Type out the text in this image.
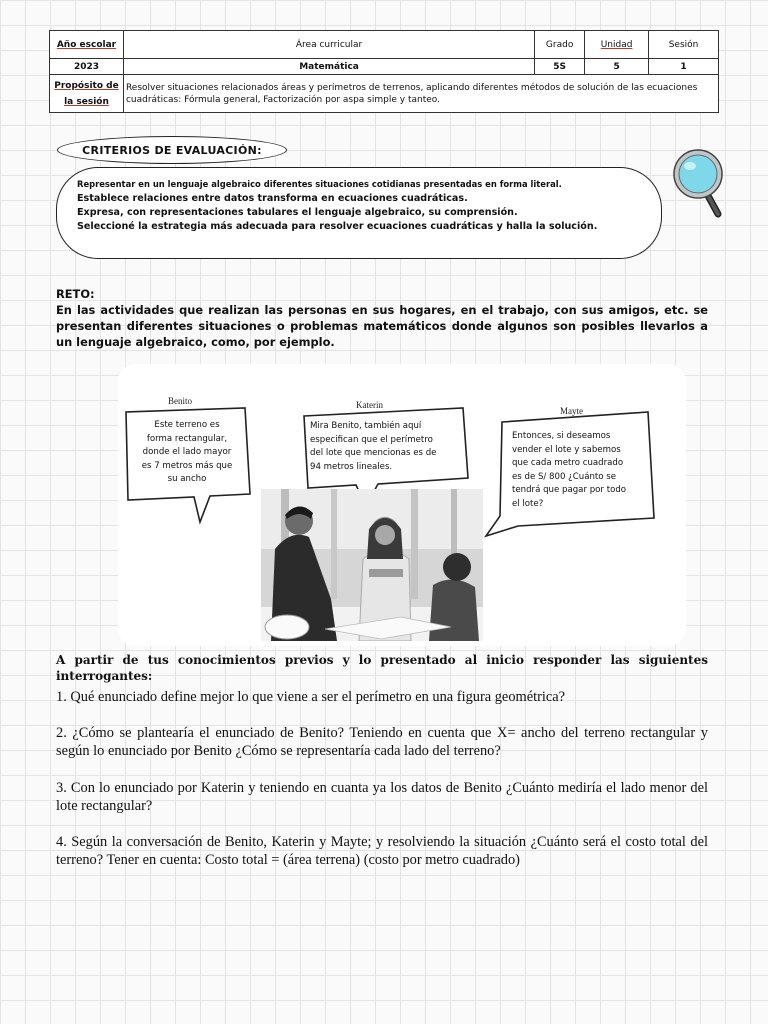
Año escolar	Área curricular	Grado	Unidad	Sesión
2023	Matemática	5S	5	1
Propósito de la sesión	Resolver situaciones relacionados áreas y perímetros de terrenos, aplicando diferentes métodos de solución de las ecuaciones cuadráticas: Fórmula general, Factorización por aspa simple y tanteo.			
CRITERIOS DE EVALUACIÓN:
Representar en un lenguaje algebraico diferentes situaciones cotidianas presentadas en forma literal.
Establece relaciones entre datos transforma en ecuaciones cuadráticas.
Expresa, con representaciones tabulares el lenguaje algebraico, su comprensión.
Seleccioné la estrategia más adecuada para resolver ecuaciones cuadráticas y halla la solución.
RETO:
En las actividades que realizan las personas en sus hogares, en el trabajo, con sus amigos, etc. se presentan diferentes situaciones o problemas matemáticos donde algunos son posibles llevarlos a un lenguaje algebraico, como, por ejemplo.
Benito	Katerin
Mayte
Este terreno es
forma rectangular,
donde el lado mayor
es 7 metros más que
su ancho
Mira Benito, también aquí
especifican que el perímetro
del lote que mencionas es de
94 metros lineales.
Entonces, si deseamos
vender el lote y sabemos
que cada metro cuadrado
es de S/ 800 ¿Cuánto se
tendrá que pagar por todo
el lote?
A partir de tus conocimientos previos y lo presentado al inicio responder las siguientes interrogantes:
1. Qué enunciado define mejor lo que viene a ser el perímetro en una figura geométrica?
2. ¿Cómo se plantearía el enunciado de Benito? Teniendo en cuenta que X= ancho del terreno rectangular y según lo enunciado por Benito ¿Cómo se representaría cada lado del terreno?
3. Con lo enunciado por Katerin y teniendo en cuanta ya los datos de Benito ¿Cuánto mediría el lado menor del lote rectangular?
4. Según la conversación de Benito, Katerin y Mayte; y resolviendo la situación ¿Cuánto será el costo total del terreno? Tener en cuenta: Costo total = (área terrena) (costo por metro cuadrado)
